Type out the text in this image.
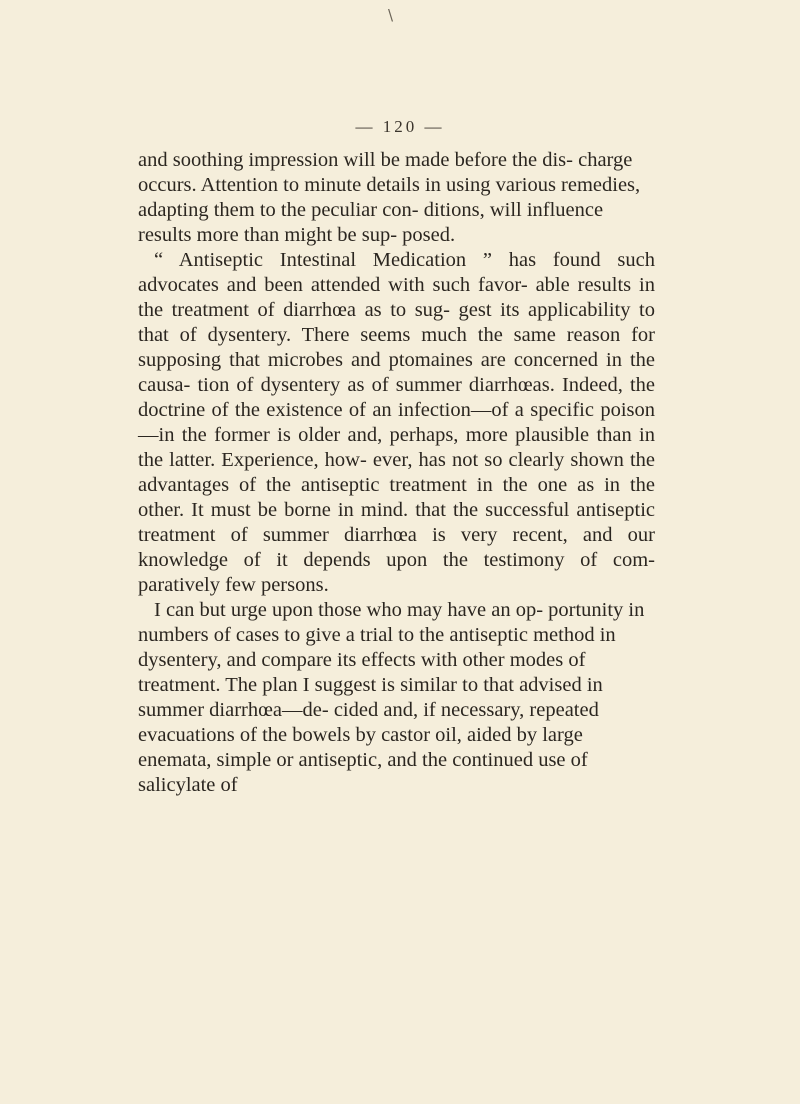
\
— 120 —

and soothing impression will be made before the dis- charge occurs. Attention to minute details in using various remedies, adapting them to the peculiar con- ditions, will influence results more than might be sup- posed.

“ Antiseptic Intestinal Medication ” has found such advocates and been attended with such favor- able results in the treatment of diarrhœa as to sug- gest its applicability to that of dysentery. There seems much the same reason for supposing that microbes and ptomaines are concerned in the causa- tion of dysentery as of summer diarrhœas. Indeed, the doctrine of the existence of an infection—of a specific poison—in the former is older and, perhaps, more plausible than in the latter. Experience, how- ever, has not so clearly shown the advantages of the antiseptic treatment in the one as in the other. It must be borne in mind. that the successful antiseptic treatment of summer diarrhœa is very recent, and our knowledge of it depends upon the testimony of com- paratively few persons.

I can but urge upon those who may have an op- portunity in numbers of cases to give a trial to the antiseptic method in dysentery, and compare its effects with other modes of treatment. The plan I suggest is similar to that advised in summer diarrhœa—de- cided and, if necessary, repeated evacuations of the bowels by castor oil, aided by large enemata, simple or antiseptic, and the continued use of salicylate of
